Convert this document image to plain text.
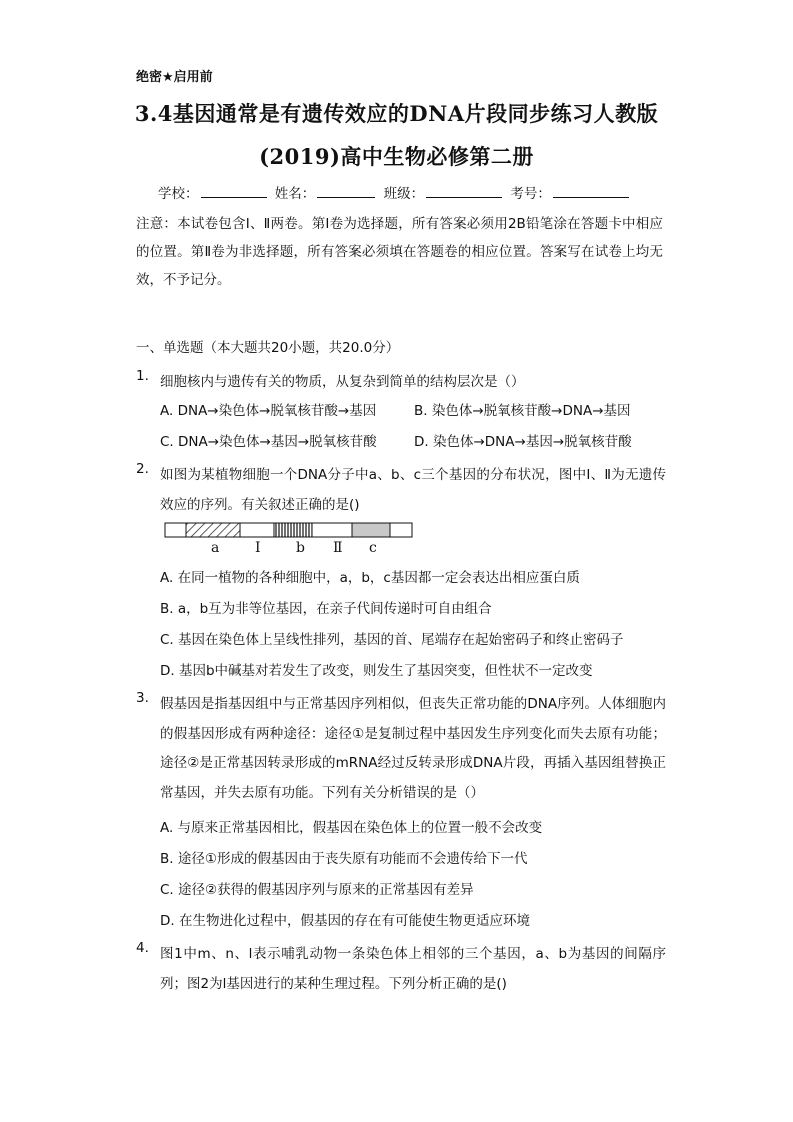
绝密★启用前
3.4基因通常是有遗传效应的DNA片段同步练习人教版
(2019)高中生物必修第二册
学校：	姓名：	班级：	考号：
注意：本试卷包含Ⅰ、Ⅱ两卷。第Ⅰ卷为选择题，所有答案必须用2B铅笔涂在答题卡中相应的位置。第Ⅱ卷为非选择题，所有答案必须填在答题卷的相应位置。答案写在试卷上均无效，不予记分。
一、单选题（本大题共20小题，共20.0分）
1. 细胞核内与遗传有关的物质，从复杂到简单的结构层次是（）
A. DNA→染色体→脱氧核苷酸→基因	B. 染色体→脱氧核苷酸→DNA→基因
C. DNA→染色体→基因→脱氧核苷酸	D. 染色体→DNA→基因→脱氧核苷酸
2. 如图为某植物细胞一个DNA分子中a、b、c三个基因的分布状况，图中Ⅰ、Ⅱ为无遗传效应的序列。有关叙述正确的是()
a	Ⅰ	b Ⅱ c
A. 在同一植物的各种细胞中，a，b，c基因都一定会表达出相应蛋白质
B. a，b互为非等位基因，在亲子代间传递时可自由组合
C. 基因在染色体上呈线性排列，基因的首、尾端存在起始密码子和终止密码子
D. 基因b中碱基对若发生了改变，则发生了基因突变，但性状不一定改变
3. 假基因是指基因组中与正常基因序列相似，但丧失正常功能的DNA序列。人体细胞内的假基因形成有两种途径：途径①是复制过程中基因发生序列变化而失去原有功能；途径②是正常基因转录形成的mRNA经过反转录形成DNA片段，再插入基因组替换正常基因，并失去原有功能。下列有关分析错误的是（）
A. 与原来正常基因相比，假基因在染色体上的位置一般不会改变
B. 途径①形成的假基因由于丧失原有功能而不会遗传给下一代
C. 途径②获得的假基因序列与原来的正常基因有差异
D. 在生物进化过程中，假基因的存在有可能使生物更适应环境
4. 图1中m、n、l表示哺乳动物一条染色体上相邻的三个基因，a、b为基因的间隔序列；图2为l基因进行的某种生理过程。下列分析正确的是()
